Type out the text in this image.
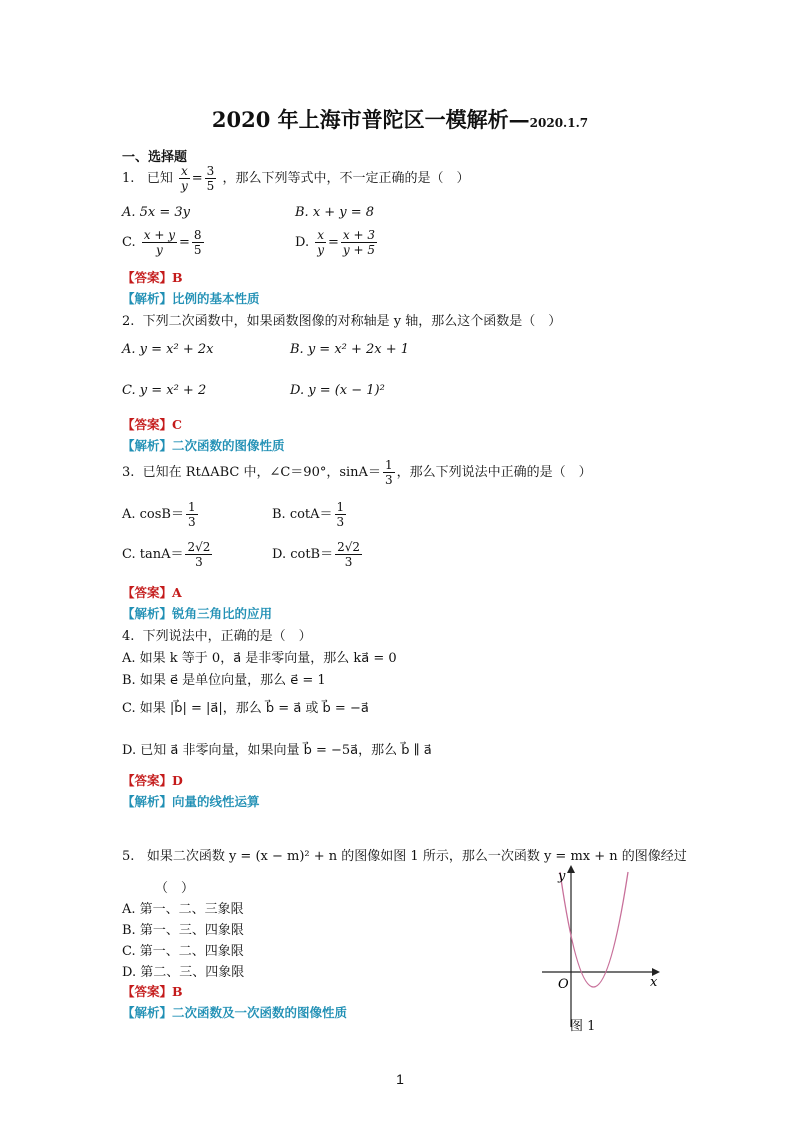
2020 年上海市普陀区一模解析—2020.1.7
一、选择题
1. 已知 $\frac{x}{y} = \frac{3}{5}$ ，那么下列等式中，不一定正确的是（　）
A. 5x = 3y	B. x + y = 8
C. $\frac{x + y}{y} = \frac{8}{5}$	D. $\frac{x}{y} = \frac{x + 3}{y + 5}$
【答案】B
【解析】比例的基本性质
2. 下列二次函数中，如果函数图像的对称轴是 y 轴，那么这个函数是（　）
A. y = x² + 2x	B. y = x² + 2x + 1
C. y = x² + 2	D. y = (x − 1)²
【答案】C
【解析】二次函数的图像性质
3. 已知在 RtΔABC 中，∠C＝90°，$\sin A= \frac{1}{3}$ ，那么下列说法中正确的是（　）
A. $\cos B= \frac{1}{3}$	B. $\cot A= \frac{1}{3}$
C. $\tan A= \frac{2√2}{3}$	D. $\cot B= \frac{2√2}{3}$
【答案】A
【解析】锐角三角比的应用
4. 下列说法中，正确的是（　）
A. 如果 k 等于 0，a⃗ 是非零向量，那么 ka⃗ = 0
B. 如果 e⃗ 是单位向量，那么 e⃗ = 1
C. 如果 |b⃗| = |a⃗|，那么 b⃗ = a⃗ 或 b⃗ = −a⃗
D. 已知 a⃗ 非零向量，如果向量 b⃗ = −5a⃗，那么 b⃗ ∥ a⃗
【答案】D
【解析】向量的线性运算
5. 如果二次函数 y = (x − m)² + n 的图像如图 1 所示，那么一次函数 y = mx + n 的图像经过
（　）
A. 第一、二、三象限
B. 第一、三、四象限
C. 第一、二、四象限
D. 第二、三、四象限
【答案】B
【解析】二次函数及一次函数的图像性质
y
x
O
图 1
1
